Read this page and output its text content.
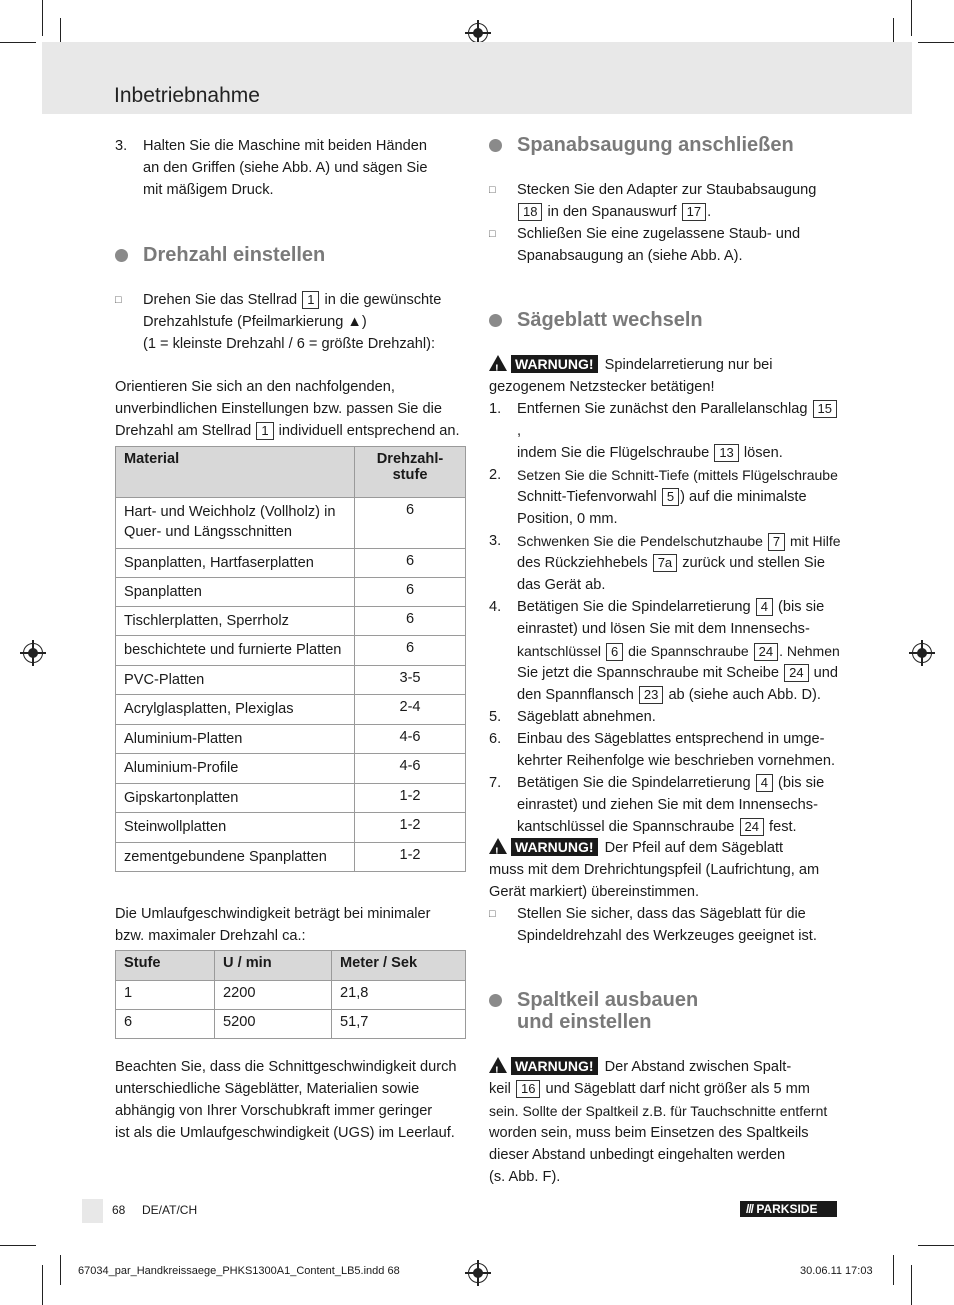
Inbetriebnahme
3. Halten Sie die Maschine mit beiden Händen
an den Griffen (siehe Abb. A) und sägen Sie
mit mäßigem Druck.
Drehzahl einstellen
□ Drehen Sie das Stellrad 1 in die gewünschte
Drehzahlstufe (Pfeilmarkierung ▲)
(1 = kleinste Drehzahl / 6 = größte Drehzahl):
Orientieren Sie sich an den nachfolgenden,
unverbindlichen Einstellungen bzw. passen Sie die
Drehzahl am Stellrad 1 individuell entsprechend an.
Material	Drehzahl-
stufe

Hart- und Weichholz (Vollholz) in Quer- und Längsschnitten	6
Spanplatten, Hartfaserplatten	6
Spanplatten	6
Tischlerplatten, Sperrholz	6
beschichtete und furnierte Platten	6
PVC-Platten	3-5
Acrylglasplatten, Plexiglas	2-4
Aluminium-Platten	4-6
Aluminium-Profile	4-6
Gipskartonplatten	1-2
Steinwollplatten	1-2
zementgebundene Spanplatten	1-2
Die Umlaufgeschwindigkeit beträgt bei minimaler
bzw. maximaler Drehzahl ca.:
Stufe	U / min	Meter / Sek
1	2200	21,8
6	5200	51,7
Beachten Sie, dass die Schnittgeschwindigkeit durch
unterschiedliche Sägeblätter, Materialien sowie
abhängig von Ihrer Vorschubkraft immer geringer
ist als die Umlaufgeschwindigkeit (UGS) im Leerlauf.
Spanabsaugung anschließen
□
□
Stecken Sie den Adapter zur Staubabsaugung
18 in den Spanauswurf 17 .
Schließen Sie eine zugelassene Staub- und
Spanabsaugung an (siehe Abb. A).
Sägeblatt wechseln
! WARNUNG! Spindelarretierung nur bei
gezogenem Netzstecker betätigen!
1. Entfernen Sie zunächst den Parallelanschlag 15,
indem Sie die Flügelschraube 13 lösen.
2. Setzen Sie die Schnitt-Tiefe (mittels Flügelschraube
Schnitt-Tiefenvorwahl 5 ) auf die minimalste
Position, 0 mm.
3. Schwenken Sie die Pendelschutzhaube 7 mit Hilfe
des Rückziehhebels 7a zurück und stellen Sie
das Gerät ab.
4. Betätigen Sie die Spindelarretierung 4 (bis sie
einrastet) und lösen Sie mit dem Innensechs-
kantschlüssel 6 die Spannschraube 24 . Nehmen
Sie jetzt die Spannschraube mit Scheibe 24 und
den Spannflansch 23 ab (siehe auch Abb. D).
5. Sägeblatt abnehmen.
6. Einbau des Sägeblattes entsprechend in umge-
kehrter Reihenfolge wie beschrieben vornehmen.
7. Betätigen Sie die Spindelarretierung 4 (bis sie
einrastet) und ziehen Sie mit dem Innensechs-
kantschlüssel die Spannschraube 24 fest.
! WARNUNG! Der Pfeil auf dem Sägeblatt
muss mit dem Drehrichtungspfeil (Laufrichtung, am
Gerät markiert) übereinstimmen.
□ Stellen Sie sicher, dass das Sägeblatt für die
Spindeldrehzahl des Werkzeuges geeignet ist.
Spaltkeil ausbauen
und einstellen
! WARNUNG! Der Abstand zwischen Spalt-
keil 16 und Sägeblatt darf nicht größer als 5 mm
sein. Sollte der Spaltkeil z.B. für Tauchschnitte entfernt
worden sein, muss beim Einsetzen des Spaltkeils
dieser Abstand unbedingt eingehalten werden
(s. Abb. F).
68 DE/AT/CH	/// PARKSIDE
67034_par_Handkreissaege_PHKS1300A1_Content_LB5.indd 68	30.06.11 17:03
